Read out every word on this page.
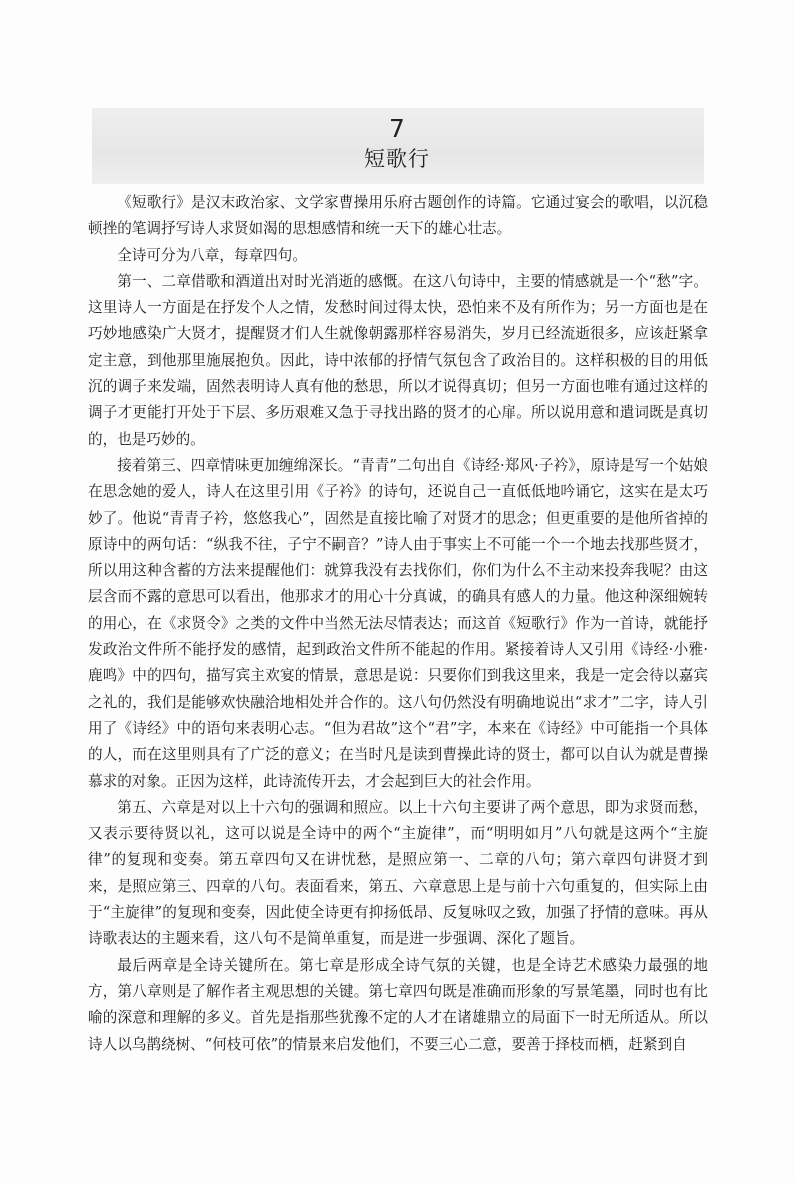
7
短歌行

《短歌行》是汉末政治家、文学家曹操用乐府古题创作的诗篇。它通过宴会的歌唱，以沉稳顿挫的笔调抒写诗人求贤如渴的思想感情和统一天下的雄心壮志。

全诗可分为八章，每章四句。

第一、二章借歌和酒道出对时光消逝的感慨。在这八句诗中，主要的情感就是一个“愁”字。这里诗人一方面是在抒发个人之情，发愁时间过得太快，恐怕来不及有所作为；另一方面也是在巧妙地感染广大贤才，提醒贤才们人生就像朝露那样容易消失，岁月已经流逝很多，应该赶紧拿定主意，到他那里施展抱负。因此，诗中浓郁的抒情气氛包含了政治目的。这样积极的目的用低沉的调子来发端，固然表明诗人真有他的愁思，所以才说得真切；但另一方面也唯有通过这样的调子才更能打开处于下层、多历艰难又急于寻找出路的贤才的心扉。所以说用意和遣词既是真切的，也是巧妙的。

接着第三、四章情味更加缠绵深长。“青青”二句出自《诗经·郑风·子衿》，原诗是写一个姑娘在思念她的爱人，诗人在这里引用《子衿》的诗句，还说自己一直低低地吟诵它，这实在是太巧妙了。他说“青青子衿，悠悠我心”，固然是直接比喻了对贤才的思念；但更重要的是他所省掉的原诗中的两句话：“纵我不往，子宁不嗣音？”诗人由于事实上不可能一个一个地去找那些贤才，所以用这种含蓄的方法来提醒他们：就算我没有去找你们，你们为什么不主动来投奔我呢？由这层含而不露的意思可以看出，他那求才的用心十分真诚，的确具有感人的力量。他这种深细婉转的用心，在《求贤令》之类的文件中当然无法尽情表达；而这首《短歌行》作为一首诗，就能抒发政治文件所不能抒发的感情，起到政治文件所不能起的作用。紧接着诗人又引用《诗经·小雅·鹿鸣》中的四句，描写宾主欢宴的情景，意思是说：只要你们到我这里来，我是一定会待以嘉宾之礼的，我们是能够欢快融洽地相处并合作的。这八句仍然没有明确地说出“求才”二字，诗人引用了《诗经》中的语句来表明心志。“但为君故”这个“君”字，本来在《诗经》中可能指一个具体的人，而在这里则具有了广泛的意义；在当时凡是读到曹操此诗的贤士，都可以自认为就是曹操慕求的对象。正因为这样，此诗流传开去，才会起到巨大的社会作用。

第五、六章是对以上十六句的强调和照应。以上十六句主要讲了两个意思，即为求贤而愁，又表示要待贤以礼，这可以说是全诗中的两个“主旋律”，而“明明如月”八句就是这两个“主旋律”的复现和变奏。第五章四句又在讲忧愁，是照应第一、二章的八句；第六章四句讲贤才到来，是照应第三、四章的八句。表面看来，第五、六章意思上是与前十六句重复的，但实际上由于“主旋律”的复现和变奏，因此使全诗更有抑扬低昂、反复咏叹之致，加强了抒情的意味。再从诗歌表达的主题来看，这八句不是简单重复，而是进一步强调、深化了题旨。

最后两章是全诗关键所在。第七章是形成全诗气氛的关键，也是全诗艺术感染力最强的地方，第八章则是了解作者主观思想的关键。第七章四句既是准确而形象的写景笔墨，同时也有比喻的深意和理解的多义。首先是指那些犹豫不定的人才在诸雄鼎立的局面下一时无所适从。所以诗人以乌鹊绕树、“何枝可依”的情景来启发他们，不要三心二意，要善于择枝而栖，赶紧到自
